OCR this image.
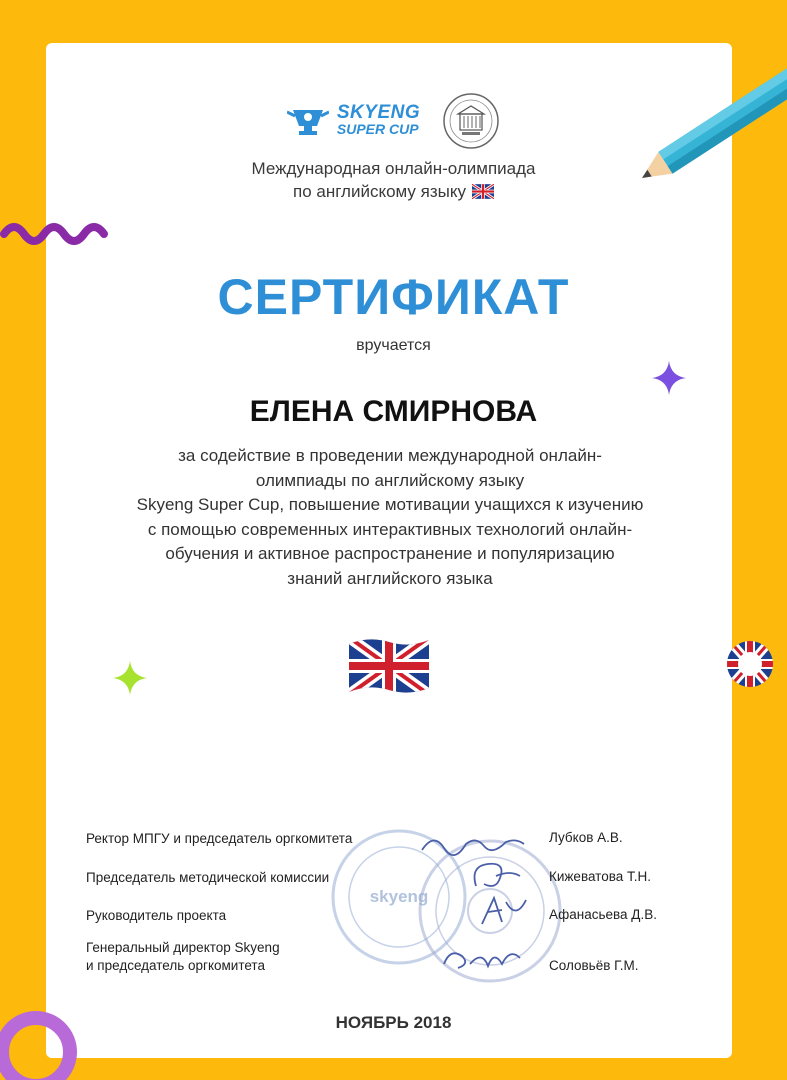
SKYENG
SUPER CUP
Международная онлайн-олимпиада
по английскому языку
СЕРТИФИКАТ
вручается
ЕЛЕНА СМИРНОВА
за содействие в проведении международной онлайн-
олимпиады по английскому языку
Skyeng Super Cup, повышение мотивации учащихся к изучению
с помощью современных интерактивных технологий онлайн-
обучения и активное распространение и популяризацию
знаний английского языка
skyeng
Ректор МПГУ и председатель оргкомитета
Председатель методической комиссии
Руководитель проекта
Генеральный директор Skyeng
и председатель оргкомитета
Лубков А.В.
Кижеватова Т.Н.
Афанасьева Д.В.
Соловьёв Г.М.
НОЯБРЬ 2018
